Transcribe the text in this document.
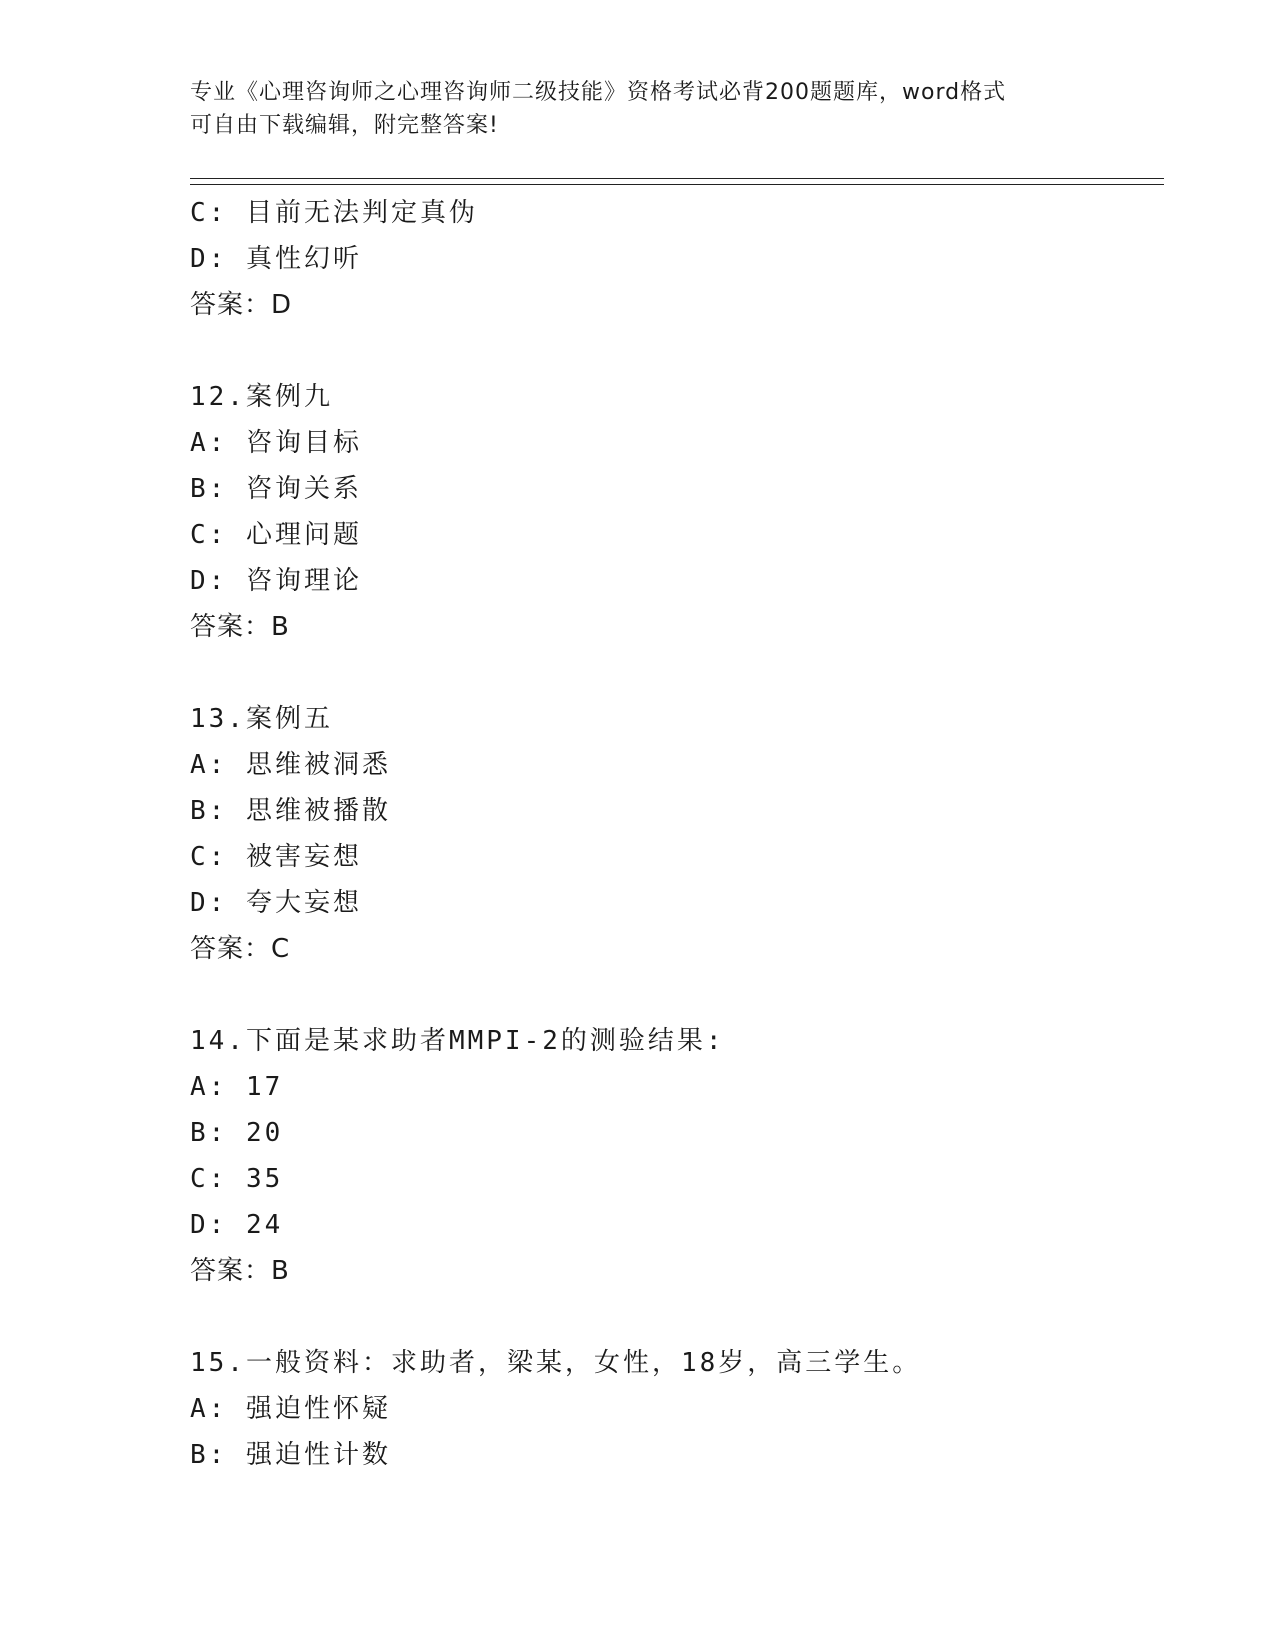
专业《心理咨询师之心理咨询师二级技能》资格考试必背200题题库，word格式
可自由下载编辑，附完整答案!
C: 目前无法判定真伪
D: 真性幻听
答案：D
12.案例九
A: 咨询目标
B: 咨询关系
C: 心理问题
D: 咨询理论
答案：B
13.案例五
A: 思维被洞悉
B: 思维被播散
C: 被害妄想
D: 夸大妄想
答案：C
14.下面是某求助者MMPI-2的测验结果:
A: 17
B: 20
C: 35
D: 24
答案：B
15.一般资料：求助者，梁某，女性，18岁，高三学生。
A: 强迫性怀疑
B: 强迫性计数
